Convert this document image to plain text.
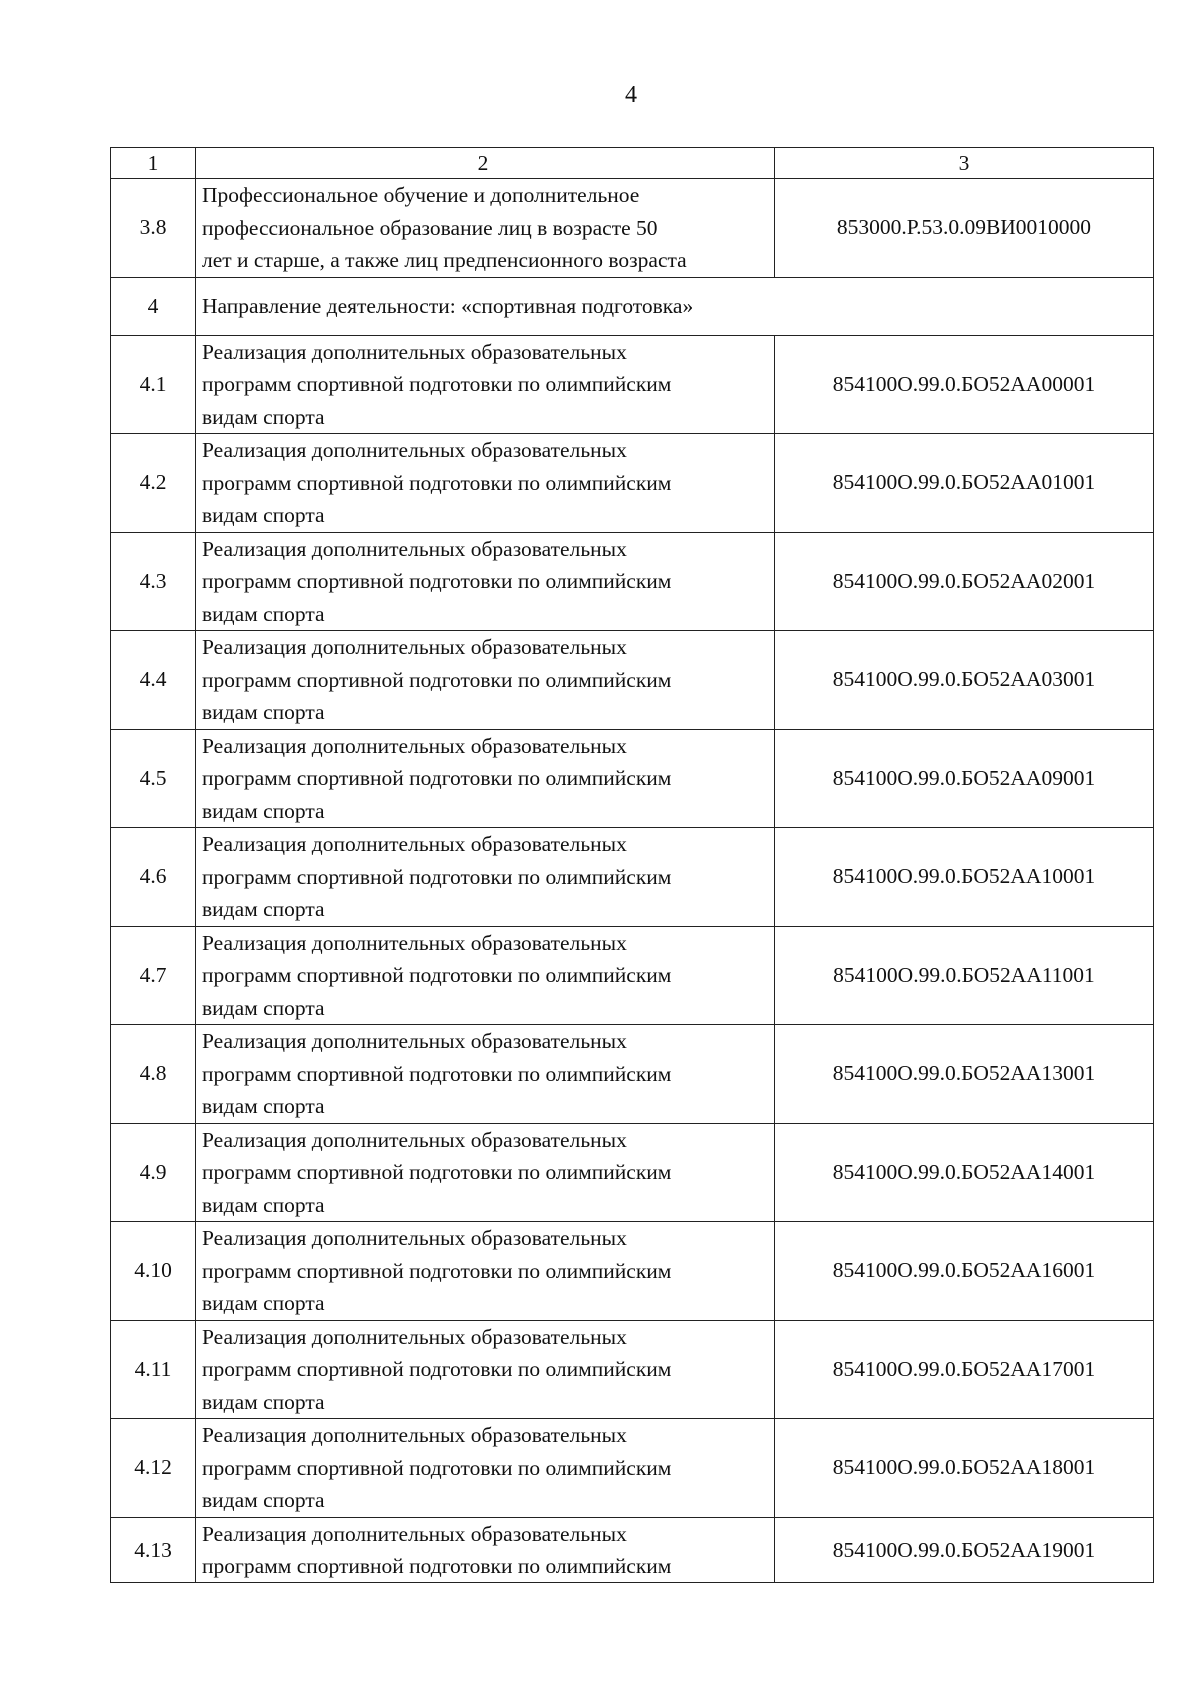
4
1	2	3
3.8	Профессиональное обучение и дополнительное
профессиональное образование лиц в возрасте 50
лет и старше, а также лиц предпенсионного возраста	853000.Р.53.0.09ВИ0010000
4	Направление деятельности: «спортивная подготовка»	
4.1	Реализация дополнительных образовательных
программ спортивной подготовки по олимпийским
видам спорта	854100О.99.0.БО52АА00001
4.2	Реализация дополнительных образовательных
программ спортивной подготовки по олимпийским
видам спорта	854100О.99.0.БО52АА01001
4.3	Реализация дополнительных образовательных
программ спортивной подготовки по олимпийским
видам спорта	854100О.99.0.БО52АА02001
4.4	Реализация дополнительных образовательных
программ спортивной подготовки по олимпийским
видам спорта	854100О.99.0.БО52АА03001
4.5	Реализация дополнительных образовательных
программ спортивной подготовки по олимпийским
видам спорта	854100О.99.0.БО52АА09001
4.6	Реализация дополнительных образовательных
программ спортивной подготовки по олимпийским
видам спорта	854100О.99.0.БО52АА10001
4.7	Реализация дополнительных образовательных
программ спортивной подготовки по олимпийским
видам спорта	854100О.99.0.БО52АА11001
4.8	Реализация дополнительных образовательных
программ спортивной подготовки по олимпийским
видам спорта	854100О.99.0.БО52АА13001
4.9	Реализация дополнительных образовательных
программ спортивной подготовки по олимпийским
видам спорта	854100О.99.0.БО52АА14001
4.10	Реализация дополнительных образовательных
программ спортивной подготовки по олимпийским
видам спорта	854100О.99.0.БО52АА16001
4.11	Реализация дополнительных образовательных
программ спортивной подготовки по олимпийским
видам спорта	854100О.99.0.БО52АА17001
4.12	Реализация дополнительных образовательных
программ спортивной подготовки по олимпийским
видам спорта	854100О.99.0.БО52АА18001
4.13	Реализация дополнительных образовательных
программ спортивной подготовки по олимпийским	854100О.99.0.БО52АА19001
